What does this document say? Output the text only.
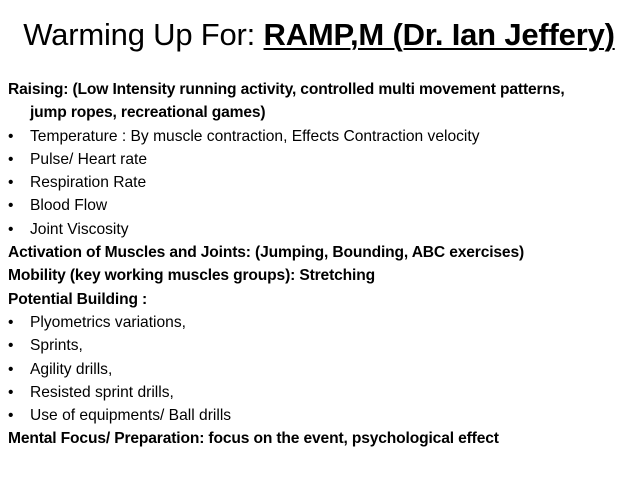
Warming Up For: RAMP,M (Dr. Ian Jeffery)
Raising: (Low Intensity running activity, controlled multi movement patterns,
jump ropes, recreational games)
•	Temperature : By muscle contraction, Effects Contraction velocity
•	Pulse/ Heart rate
•	Respiration Rate
•	Blood Flow
•	Joint Viscosity
Activation of Muscles and Joints: (Jumping, Bounding, ABC exercises)
Mobility (key working muscles groups): Stretching
Potential Building :
•	Plyometrics variations,
•	Sprints,
•	Agility drills,
•	Resisted sprint drills,
•	Use of equipments/ Ball drills
Mental Focus/ Preparation: focus on the event, psychological effect
